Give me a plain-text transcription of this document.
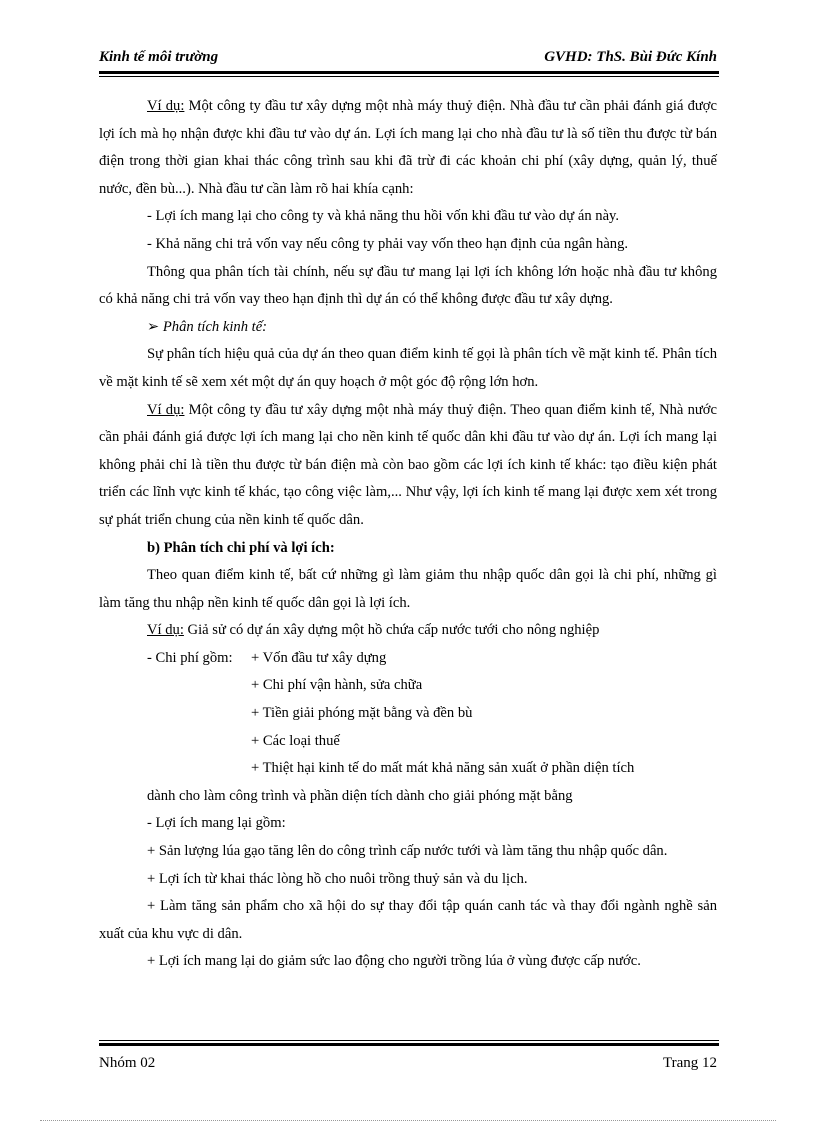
Kinh tế môi trường	GVHD: ThS. Bùi Đức Kính

Ví dụ: Một công ty đầu tư xây dựng một nhà máy thuỷ điện. Nhà đầu tư cần phải đánh giá được lợi ích mà họ nhận được khi đầu tư vào dự án. Lợi ích mang lại cho nhà đầu tư là số tiền thu được từ bán điện trong thời gian khai thác công trình sau khi đã trừ đi các khoản chi phí (xây dựng, quản lý, thuế nước, đền bù...). Nhà đầu tư cần làm rõ hai khía cạnh:

- Lợi ích mang lại cho công ty và khả năng thu hồi vốn khi đầu tư vào dự án này.

- Khả năng chi trả vốn vay nếu công ty phải vay vốn theo hạn định của ngân hàng.

Thông qua phân tích tài chính, nếu sự đầu tư mang lại lợi ích không lớn hoặc nhà đầu tư không có khả năng chi trả vốn vay theo hạn định thì dự án có thể không được đầu tư xây dựng.

➢ Phân tích kinh tế:

Sự phân tích hiệu quả của dự án theo quan điểm kinh tế gọi là phân tích về mặt kinh tế. Phân tích về mặt kinh tế sẽ xem xét một dự án quy hoạch ở một góc độ rộng lớn hơn.

Ví dụ: Một công ty đầu tư xây dựng một nhà máy thuỷ điện. Theo quan điểm kinh tế, Nhà nước cần phải đánh giá được lợi ích mang lại cho nền kinh tế quốc dân khi đầu tư vào dự án. Lợi ích mang lại không phải chỉ là tiền thu được từ bán điện mà còn bao gồm các lợi ích kinh tế khác: tạo điều kiện phát triển các lĩnh vực kinh tế khác, tạo công việc làm,... Như vậy, lợi ích kinh tế mang lại được xem xét trong sự phát triển chung của nền kinh tế quốc dân.

b) Phân tích chi phí và lợi ích:

Theo quan điểm kinh tế, bất cứ những gì làm giảm thu nhập quốc dân gọi là chi phí, những gì làm tăng thu nhập nền kinh tế quốc dân gọi là lợi ích.

Ví dụ: Giả sử có dự án xây dựng một hồ chứa cấp nước tưới cho nông nghiệp

- Chi phí gồm: + Vốn đầu tư xây dựng

+ Chi phí vận hành, sửa chữa

+ Tiền giải phóng mặt bằng và đền bù

+ Các loại thuế

+ Thiệt hại kinh tế do mất mát khả năng sản xuất ở phần diện tích

dành cho làm công trình và phần diện tích dành cho giải phóng mặt bằng

- Lợi ích mang lại gồm:

+ Sản lượng lúa gạo tăng lên do công trình cấp nước tưới và làm tăng thu nhập quốc dân.

+ Lợi ích từ khai thác lòng hồ cho nuôi trồng thuỷ sản và du lịch.

+ Làm tăng sản phẩm cho xã hội do sự thay đổi tập quán canh tác và thay đổi ngành nghề sản xuất của khu vực di dân.

+ Lợi ích mang lại do giảm sức lao động cho người trồng lúa ở vùng được cấp nước.

Nhóm 02	Trang 12
